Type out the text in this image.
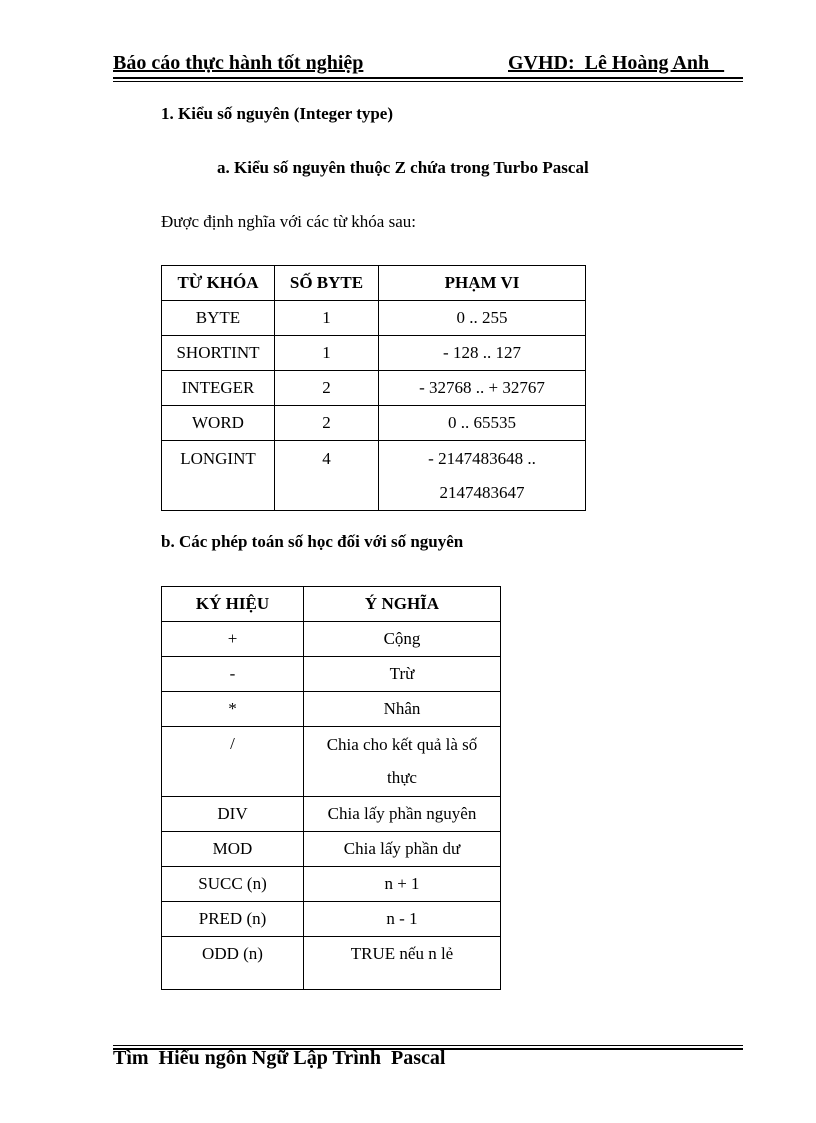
Báo cáo thực hành tốt nghiệp	GVHD:  Lê Hoàng Anh
1. Kiểu số nguyên (Integer type)
a. Kiểu số nguyên thuộc Z chứa trong Turbo Pascal
Được định nghĩa với các từ khóa sau:
TỪ KHÓA	SỐ BYTE	PHẠM VI
BYTE	1	0 .. 255
SHORTINT	1	- 128 .. 127
INTEGER	2	- 32768 .. + 32767
WORD	2	0 .. 65535
LONGINT	4	- 2147483648 .. 2147483647
b. Các phép toán số học đối với số nguyên
KÝ HIỆU	Ý NGHĨA
+	Cộng
-	Trừ
*	Nhân
/	Chia cho kết quả là số thực
DIV	Chia lấy phần nguyên
MOD	Chia lấy phần dư
SUCC (n)	n + 1
PRED (n)	n - 1
ODD (n)	TRUE nếu n lẻ
Tìm  Hiểu ngôn Ngữ Lập Trình  Pascal
